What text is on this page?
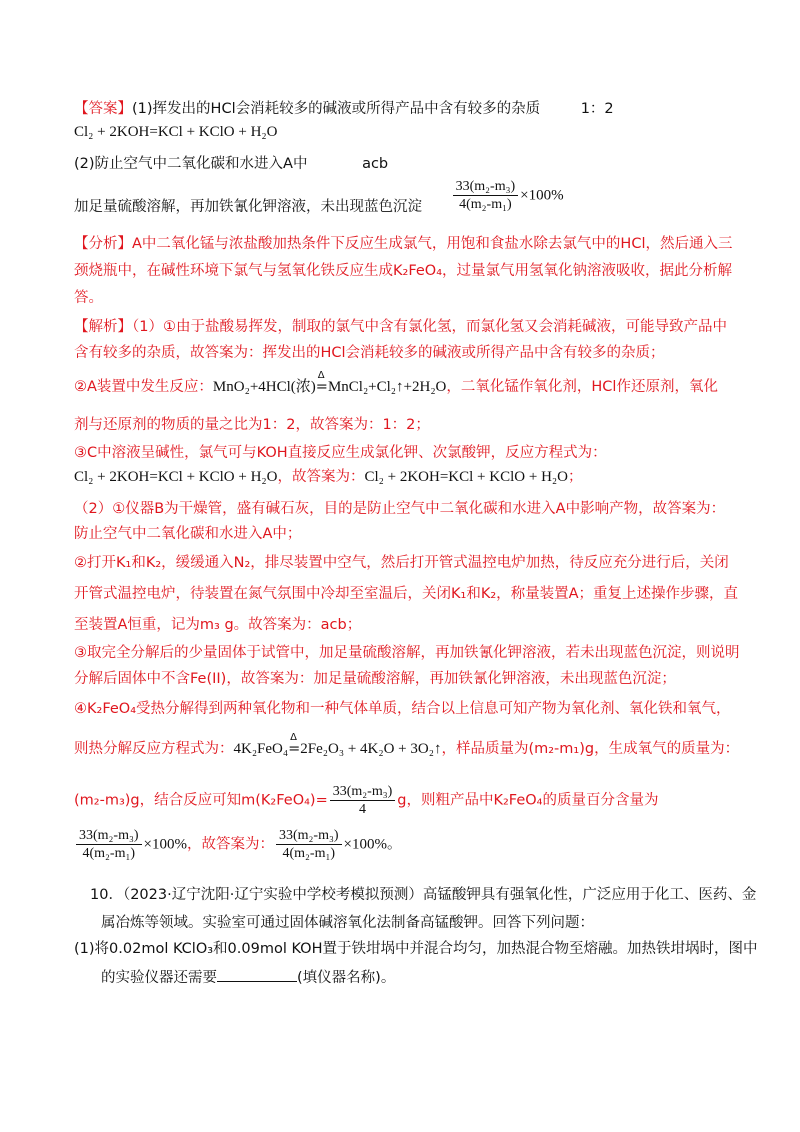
【答案】(1)挥发出的HCl会消耗较多的碱液或所得产品中含有较多的杂质	1：2
Cl₂ + 2KOH=KCl + KClO + H₂O
(2)防止空气中二氧化碳和水进入A中	acb
加足量硫酸溶解，再加铁氰化钾溶液，未出现蓝色沉淀 $\frac{\text{33(m₂-m₃)}}{\text{4(m₂-m₁)}} \times 100\%$
【分析】A中二氧化锰与浓盐酸加热条件下反应生成氯气，用饱和食盐水除去氯气中的HCl，然后通入三
颈烧瓶中，在碱性环境下氯气与氢氧化铁反应生成K₂FeO₄，过量氯气用氢氧化钠溶液吸收，据此分析解
答。
【解析】（1）①由于盐酸易挥发，制取的氯气中含有氯化氢，而氯化氢又会消耗碱液，可能导致产品中
含有较多的杂质，故答案为：挥发出的HCl会消耗较多的碱液或所得产品中含有较多的杂质；
②A装置中发生反应：MnO₂+4HCl(浓)
Δ
=MnCl₂+Cl₂↑+2H₂O，二氧化锰作氧化剂，HCl作还原剂，氧化
剂与还原剂的物质的量之比为1：2，故答案为：1：2；
③C中溶液呈碱性，氯气可与KOH直接反应生成氯化钾、次氯酸钾，反应方程式为：
Cl₂ + 2KOH=KCl + KClO + H₂O，故答案为：Cl₂ + 2KOH=KCl + KClO + H₂O；
（2）①仪器B为干燥管，盛有碱石灰，目的是防止空气中二氧化碳和水进入A中影响产物，故答案为：
防止空气中二氧化碳和水进入A中；
②打开K₁和K₂，缓缓通入N₂，排尽装置中空气，然后打开管式温控电炉加热，待反应充分进行后，关闭
开管式温控电炉，待装置在氮气氛围中冷却至室温后，关闭K₁和K₂，称量装置A；重复上述操作步骤，直
至装置A恒重，记为m₃ g。故答案为：acb；
③取完全分解后的少量固体于试管中，加足量硫酸溶解，再加铁氰化钾溶液，若未出现蓝色沉淀，则说明
分解后固体中不含Fe(II)，故答案为：加足量硫酸溶解，再加铁氰化钾溶液，未出现蓝色沉淀；
④K₂FeO₄受热分解得到两种氧化物和一种气体单质，结合以上信息可知产物为氧化剂、氧化铁和氧气，
则热分解反应方程式为：4K₂FeO₄
Δ
=2Fe₂O₃ + 4K₂O + 3O₂↑，样品质量为(m₂-m₁)g，生成氧气的质量为：
(m₂-m₃)g，结合反应可知$m(K_2FeO_4)= \frac{\text{33(m₂-m₃)}}{4}$ g，则粗产品中K₂FeO₄的质量百分含量为
$\frac{\text{33(m₂-m₃)}}{\text{4(m₂-m₁)}} \times 100\%$，故答案为： $\frac{\text{33(m₂-m₃)}}{\text{4(m₂-m₁)}} \times 100\%$。
10．（2023·辽宁沈阳·辽宁实验中学校考模拟预测）高锰酸钾具有强氧化性，广泛应用于化工、医药、金
属冶炼等领域。实验室可通过固体碱溶氧化法制备高锰酸钾。回答下列问题：
(1)将0.02mol KClO₃和0.09mol KOH置于铁坩埚中并混合均匀，加热混合物至熔融。加热铁坩埚时，图中
的实验仪器还需要	(填仪器名称)。
